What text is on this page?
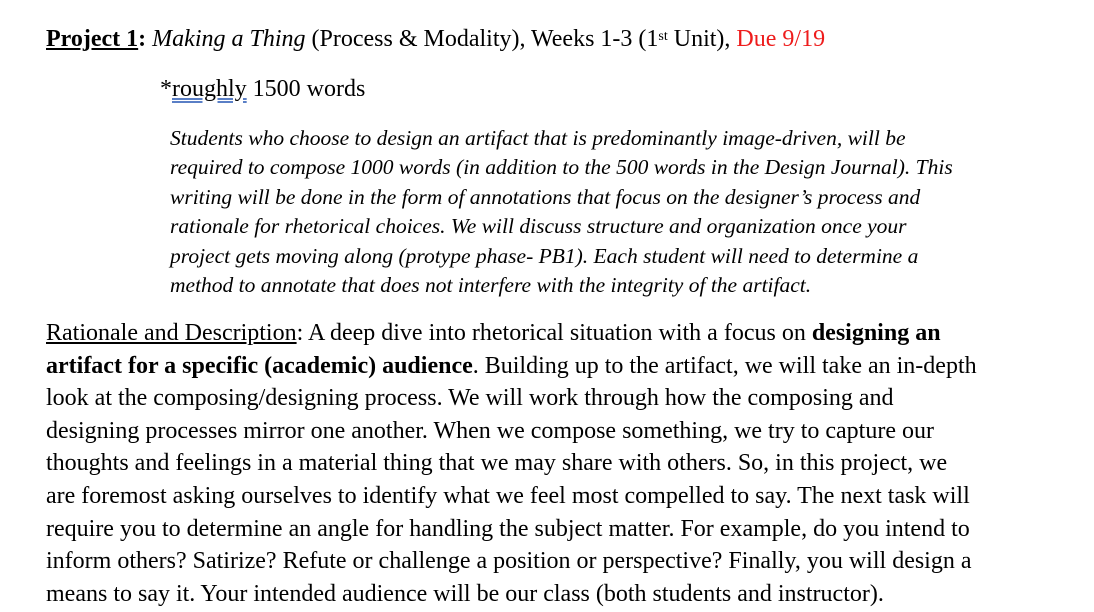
Project 1: Making a Thing (Process & Modality), Weeks 1-3 (1st Unit), Due 9/19
*roughly 1500 words
Students who choose to design an artifact that is predominantly image-driven, will be
required to compose 1000 words (in addition to the 500 words in the Design Journal). This
writing will be done in the form of annotations that focus on the designer’s process and
rationale for rhetorical choices. We will discuss structure and organization once your
project gets moving along (protype phase- PB1). Each student will need to determine a
method to annotate that does not interfere with the integrity of the artifact.
Rationale and Description: A deep dive into rhetorical situation with a focus on designing an
artifact for a specific (academic) audience. Building up to the artifact, we will take an in-depth
look at the composing/designing process. We will work through how the composing and
designing processes mirror one another. When we compose something, we try to capture our
thoughts and feelings in a material thing that we may share with others. So, in this project, we
are foremost asking ourselves to identify what we feel most compelled to say. The next task will
require you to determine an angle for handling the subject matter. For example, do you intend to
inform others? Satirize? Refute or challenge a position or perspective? Finally, you will design a
means to say it. Your intended audience will be our class (both students and instructor).
